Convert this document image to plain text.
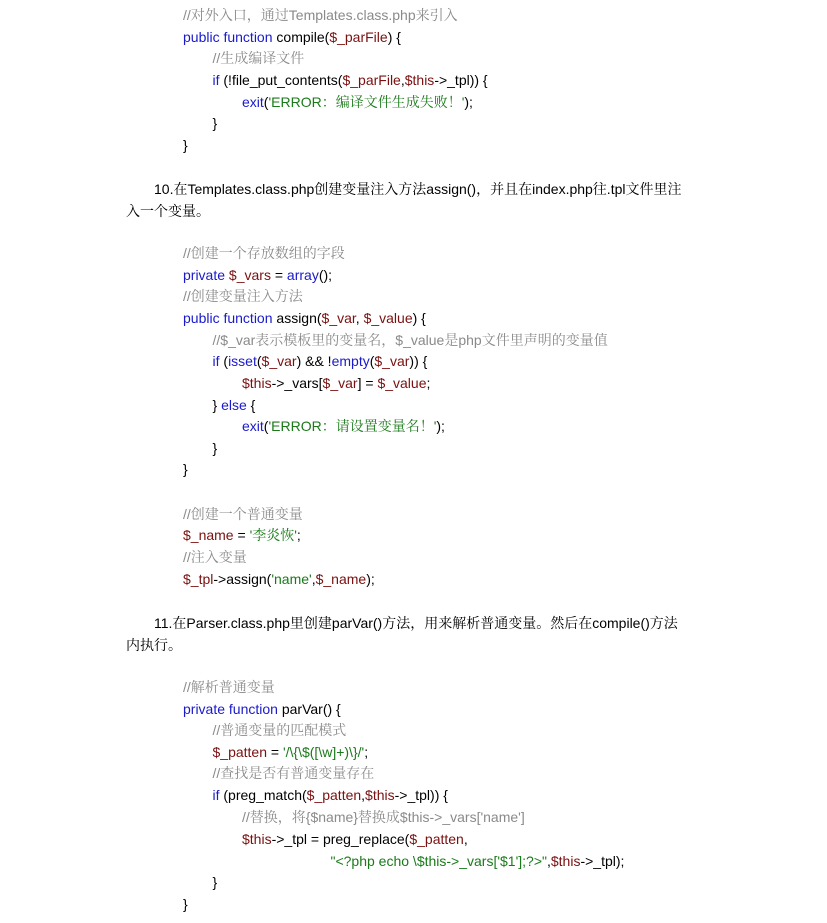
10.在Templates.class.php创建变量注入方法assign()，并且在index.php往.tpl文件里注
入一个变量。
11.在Parser.class.php里创建parVar()方法，用来解析普通变量。然后在compile()方法
内执行。
//对外入口，通过Templates.class.php来引入
public function compile($_parFile) {
//生成编译文件
if (!file_put_contents($_parFile,$this->_tpl)) {
exit('ERROR：编译文件生成失败！');
}
}
//创建一个存放数组的字段
private $_vars = array();
//创建变量注入方法
public function assign($_var, $_value) {
//$_var表示模板里的变量名，$_value是php文件里声明的变量值
if (isset($_var) && !empty($_var)) {
$this->_vars[$_var] = $_value;
} else {
exit('ERROR：请设置变量名！');
}
}
//创建一个普通变量
$_name = '李炎恢';
//注入变量
$_tpl->assign('name',$_name);
//解析普通变量
private function parVar() {
//普通变量的匹配模式
$_patten = '/\{\$([\w]+)\}/';
//查找是否有普通变量存在
if (preg_match($_patten,$this->_tpl)) {
//替换，将{$name}替换成$this->_vars['name']
$this->_tpl = preg_replace($_patten,
"<?php echo \$this->_vars['$1'];?>",$this->_tpl);
}
}
